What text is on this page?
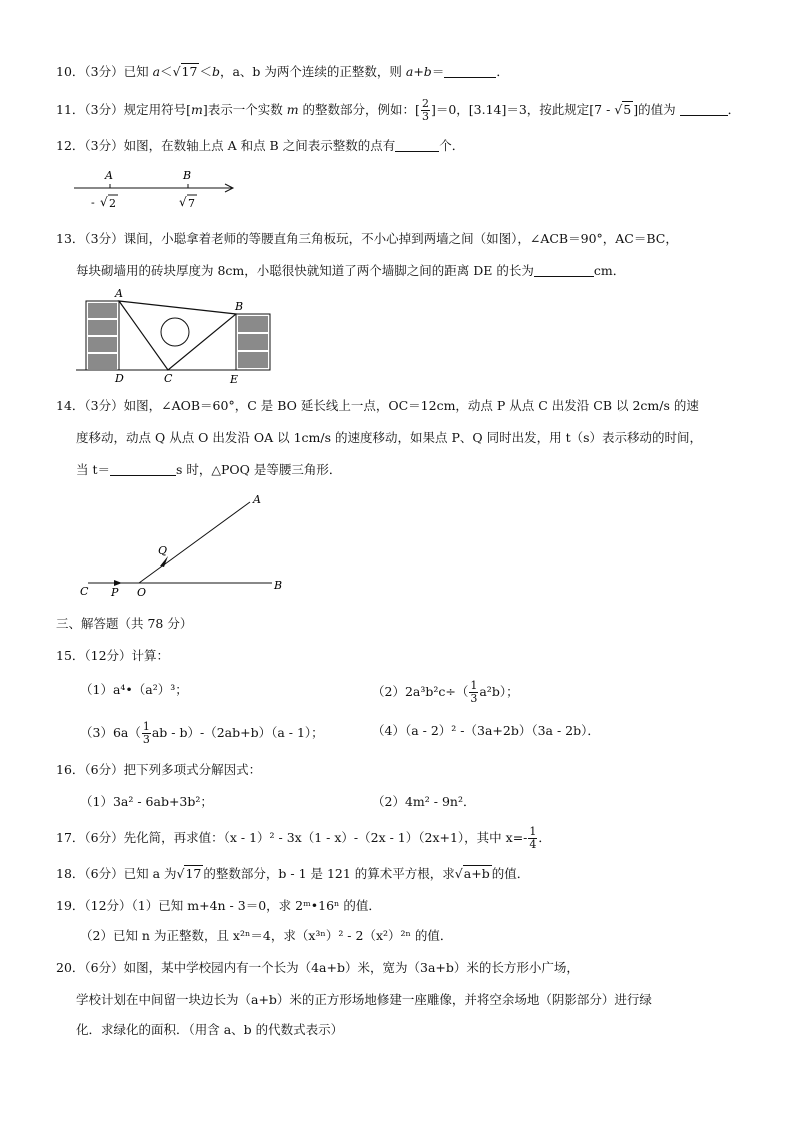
10．（3分）已知 a＜√17 ＜b，a、b 为两个连续的正整数，则 a+b＝	．
11．（3分）规定用符号[m]表示一个实数 m 的整数部分，例如：[ $\frac{2}{3} ]=0$，[3.14]＝3，按此规定[7 - √5 ]的值为	．
12．（3分）如图，在数轴上点 A 和点 B 之间表示整数的点有	个．
A	B
- √ 2	√ 7
13．（3分）课间，小聪拿着老师的等腰直角三角板玩，不小心掉到两墙之间（如图），∠ACB＝90°，AC＝BC，
每块砌墙用的砖块厚度为 8cm，小聪很快就知道了两个墙脚之间的距离 DE 的长为	cm．
A
B
C
D	E
14．（3分）如图，∠AOB＝60°，C 是 BO 延长线上一点，OC＝12cm，动点 P 从点 C 出发沿 CB 以 2cm/s 的速
度移动，动点 Q 从点 O 出发沿 OA 以 1cm/s 的速度移动，如果点 P、Q 同时出发，用 t（s）表示移动的时间，
当 t＝	s 时，△POQ 是等腰三角形．
A
B
C	O
P
Q
三、解答题（共 78 分）
15．（12分）计算：
（1）a⁴•（a²）³；	$(2)2a^3b^2c\div( \frac{1}{3} a^2b)$；
$(3)6a( \frac{1}{3}$ ab - b）-（2ab+b）（a - 1）；	（4）（a - 2）² -（3a+2b）（3a - 2b）．
16．（6分）把下列多项式分解因式：
（1）3a² - 6ab+3b²；	（2）4m² - 9n²．
17．（6分）先化简，再求值：（x - 1）² - 3x（1 - x）-（2x - 1）（2x+1），其中 $x=- \frac{1}{4}$ ．
18．（6分）已知 a 为√17 的整数部分，b - 1 是 121 的算术平方根，求√a+b 的值．
19．（12分）（1）已知 m+4n - 3＝0，求 2ᵐ•16ⁿ 的值．
（2）已知 n 为正整数，且 x²ⁿ＝4，求（x³ⁿ）² - 2（x²）²ⁿ 的值．
20．（6分）如图，某中学校园内有一个长为（4a+b）米，宽为（3a+b）米的长方形小广场，
学校计划在中间留一块边长为（a+b）米的正方形场地修建一座雕像，并将空余场地（阴影部分）进行绿
化．求绿化的面积．（用含 a、b 的代数式表示）
